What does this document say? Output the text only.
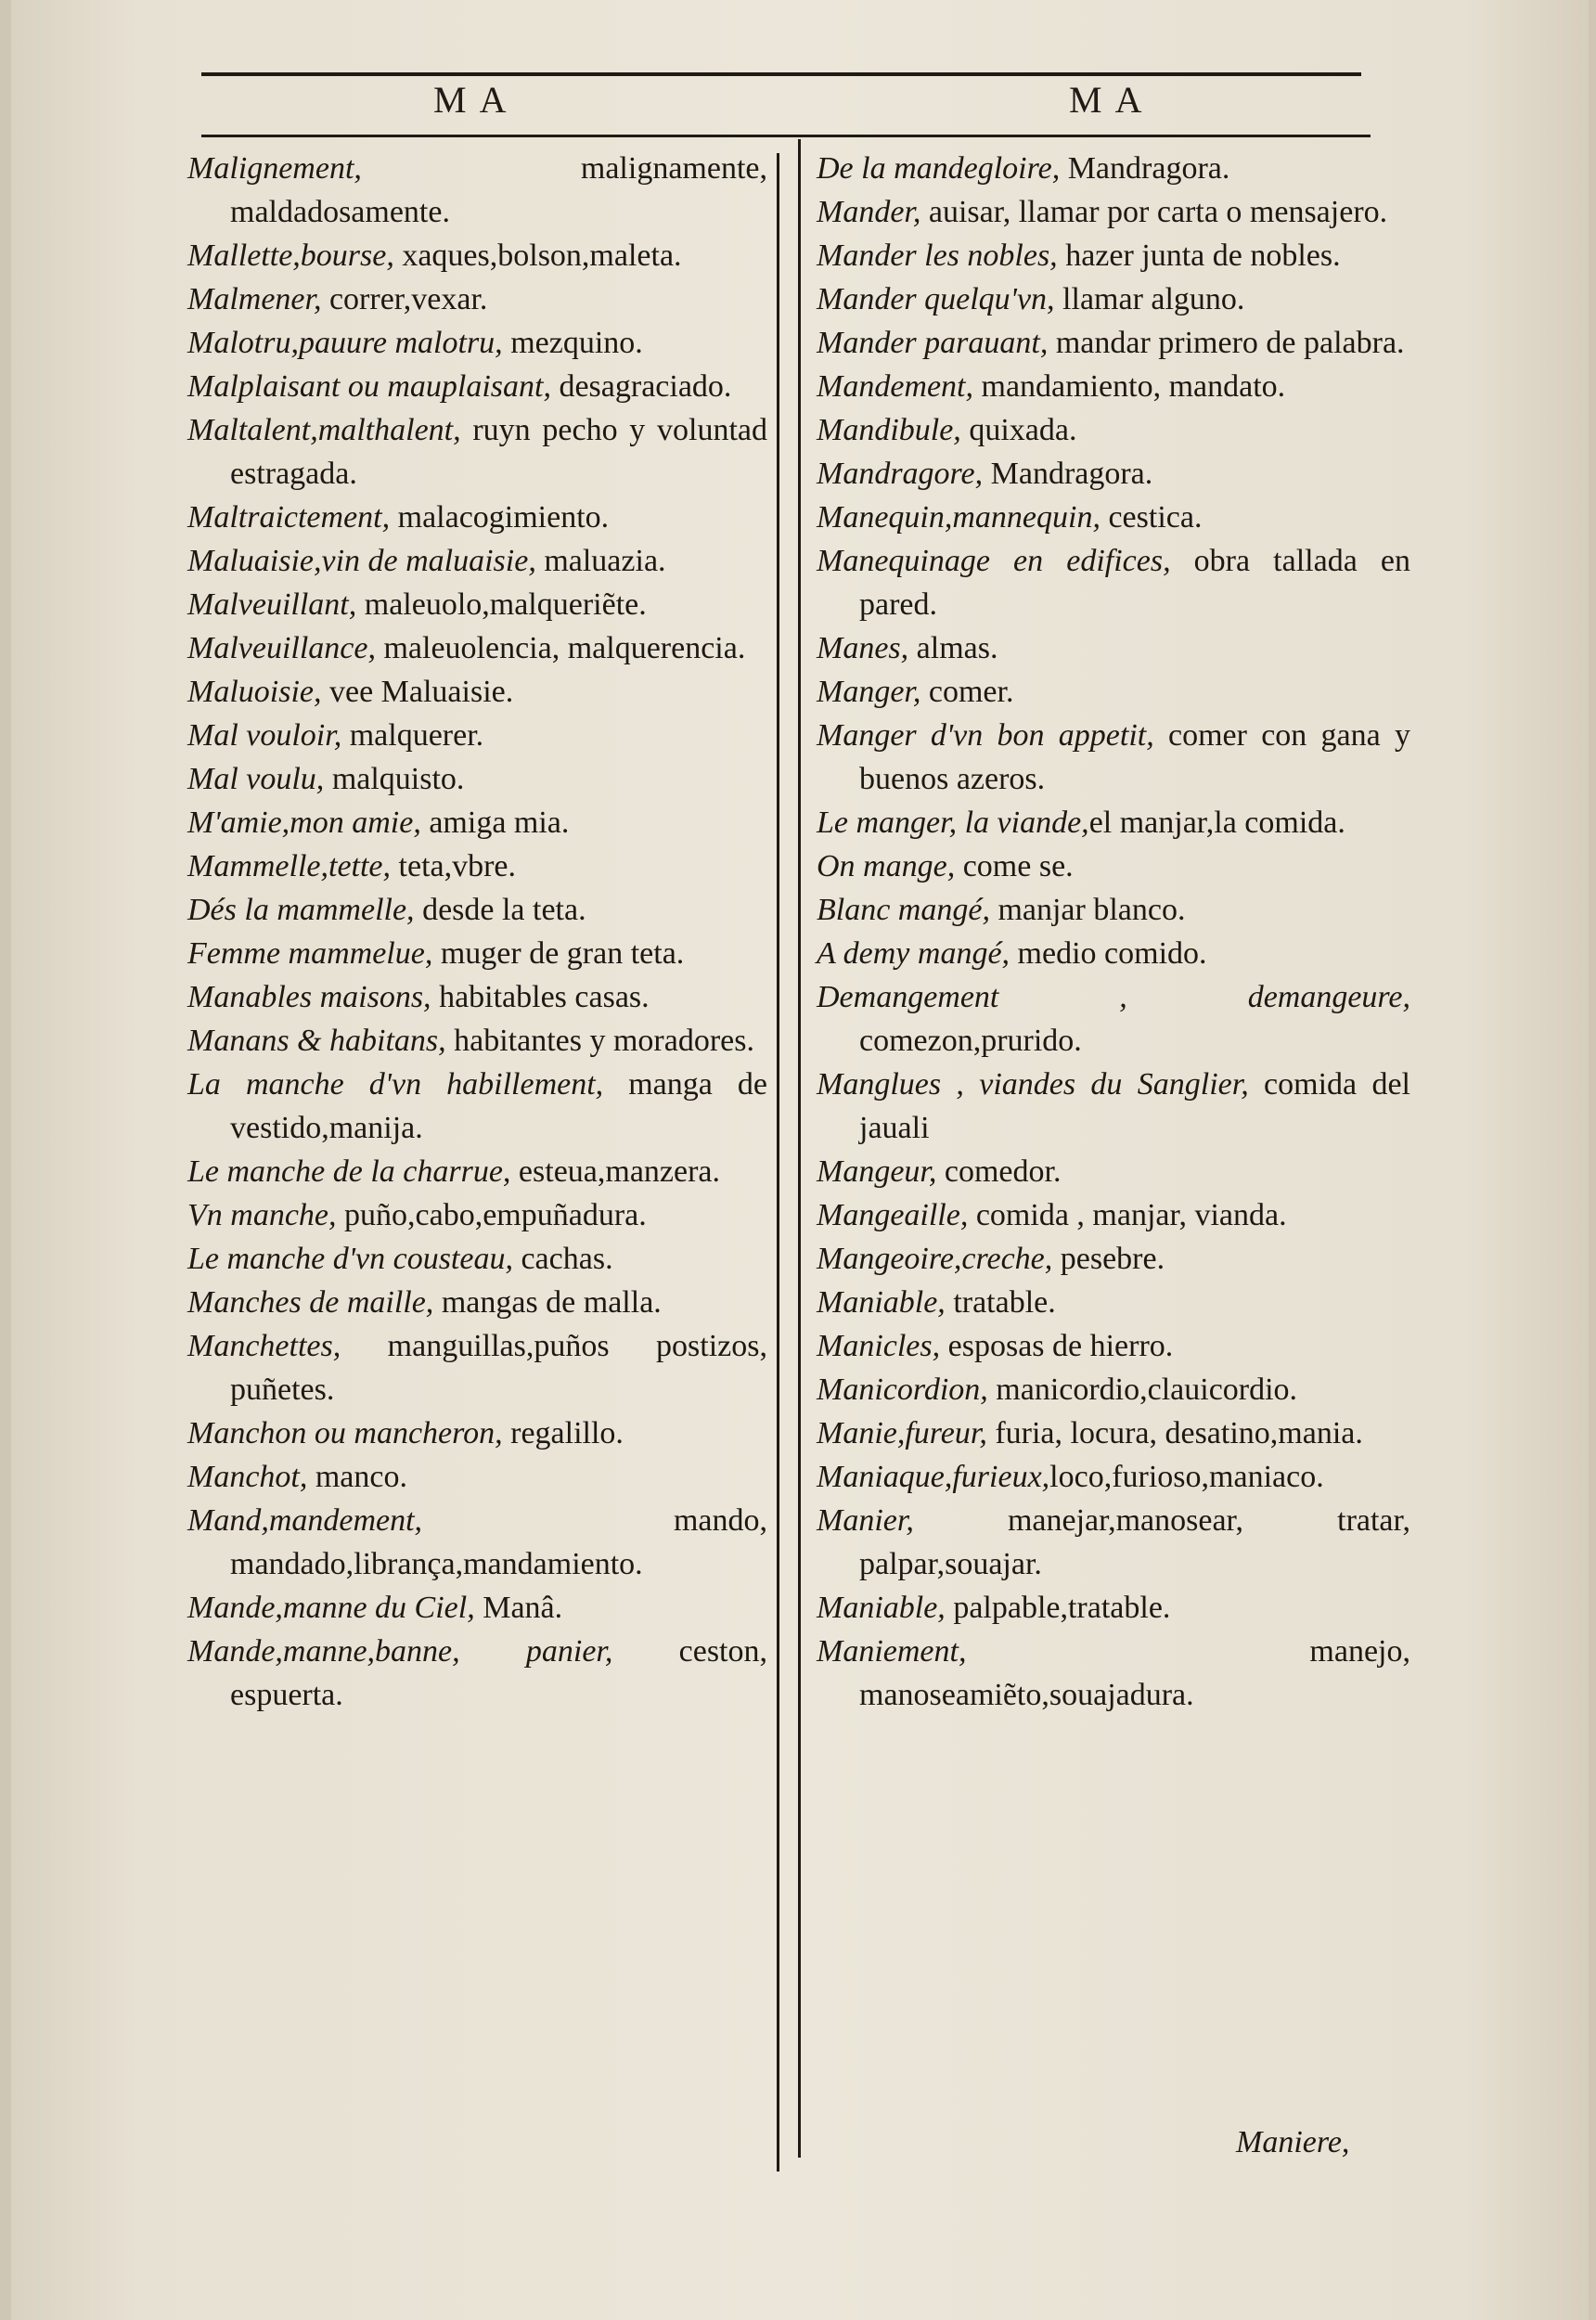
MA	MA

Malignement, malignamente, maldadosamente.

Mallette,bourse, xaques,bolson,maleta.

Malmener, correr,vexar.

Malotru,pauure malotru, mezquino.

Malplaisant ou mauplaisant, desagraciado.

Maltalent,malthalent, ruyn pecho y voluntad estragada.

Maltraictement, malacogimiento.

Maluaisie,vin de maluaisie, maluazia.

Malveuillant, maleuolo,malqueriẽte.

Malveuillance, maleuolencia, malquerencia.

Maluoisie, vee Maluaisie.

Mal vouloir, malquerer.

Mal voulu, malquisto.

M'amie,mon amie, amiga mia.

Mammelle,tette, teta,vbre.

Dés la mammelle, desde la teta.

Femme mammelue, muger de gran teta.

Manables maisons, habitables casas.

Manans & habitans, habitantes y moradores.

La manche d'vn habillement, manga de vestido,manija.

Le manche de la charrue, esteua,manzera.

Vn manche, puño,cabo,empuñadura.

Le manche d'vn cousteau, cachas.

Manches de maille, mangas de malla.

Manchettes, manguillas,puños postizos, puñetes.

Manchon ou mancheron, regalillo.

Manchot, manco.

Mand,mandement, mando, mandado,librança,mandamiento.

Mande,manne du Ciel, Manâ.

Mande,manne,banne, panier, ceston, espuerta.

De la mandegloire, Mandragora.

Mander, auisar, llamar por carta o mensajero.

Mander les nobles, hazer junta de nobles.

Mander quelqu'vn, llamar alguno.

Mander parauant, mandar primero de palabra.

Mandement, mandamiento, mandato.

Mandibule, quixada.

Mandragore, Mandragora.

Manequin,mannequin, cestica.

Manequinage en edifices, obra tallada en pared.

Manes, almas.

Manger, comer.

Manger d'vn bon appetit, comer con gana y buenos azeros.

Le manger, la viande,el manjar,la comida.

On mange, come se.

Blanc mangé, manjar blanco.

A demy mangé, medio comido.

Demangement , demangeure, comezon,prurido.

Manglues , viandes du Sanglier, comida del jauali

Mangeur, comedor.

Mangeaille, comida , manjar, vianda.

Mangeoire,creche, pesebre.

Maniable, tratable.

Manicles, esposas de hierro.

Manicordion, manicordio,clauicordio.

Manie,fureur, furia, locura, desatino,mania.

Maniaque,furieux,loco,furioso,maniaco.

Manier, manejar,manosear, tratar, palpar,souajar.

Maniable, palpable,tratable.

Maniement, manejo, manoseamiẽto,souajadura.

Maniere,
